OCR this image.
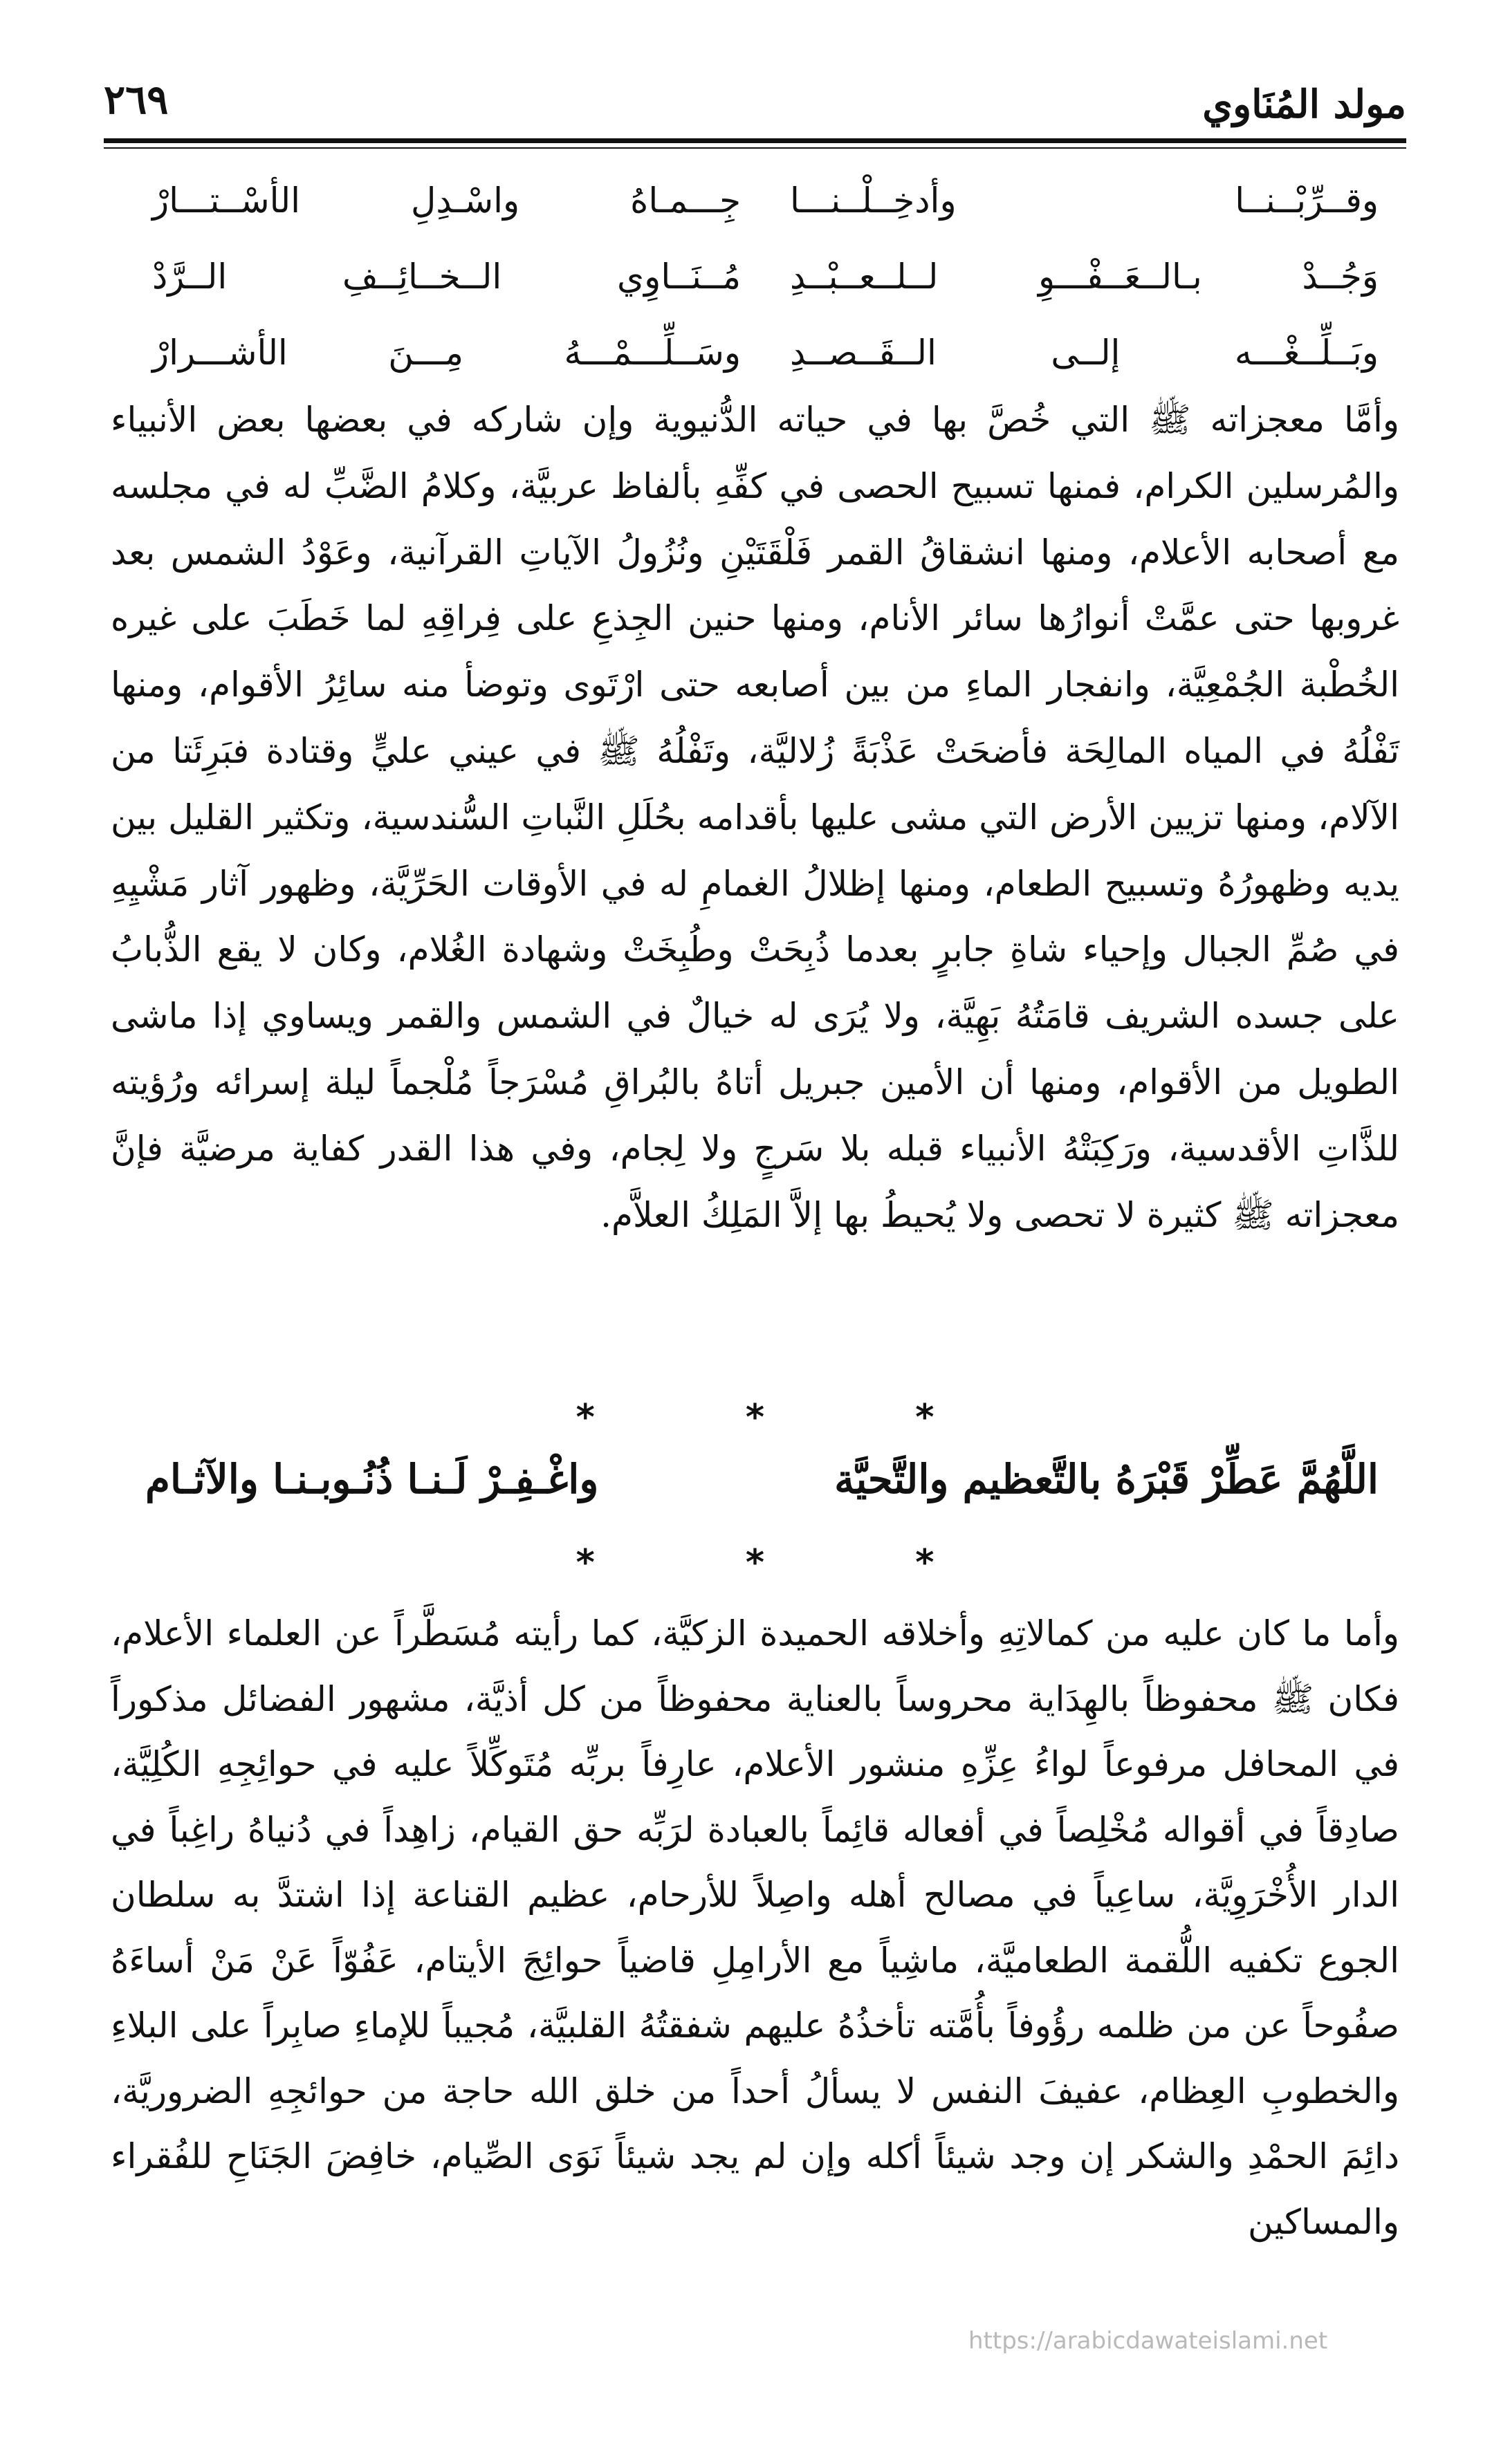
مولد المُنَاوي
٢٦٩
وقــرِّبْــنــا وأدخِــلْــنـــا
جِـــمـاهُ واسْـدِلِ الأسْــتـــارْ
وَجُــدْ بـالــعَــفْـــوِ لــلــعــبْــدِ
مُــنَــاوِي الــخــائِــفِ الــرَّدْ
وبَــلِّــغْـــه إلــى الــقَــصــدِ
وسَــلِّـــمْـــهُ مِـــنَ الأشـــرارْ

وأمَّا معجزاته ﷺ التي خُصَّ بها في حياته الدُّنيوية وإن شاركه في بعضها بعض الأنبياء والمُرسلين الكرام، فمنها تسبيح الحصى في كفِّهِ بألفاظ عربيَّة، وكلامُ الضَّبِّ له في مجلسه مع أصحابه الأعلام، ومنها انشقاقُ القمر فَلْقَتَيْنِ ونُزُولُ الآياتِ القرآنية، وعَوْدُ الشمس بعد غروبها حتى عمَّتْ أنوارُها سائر الأنام، ومنها حنين الجِذعِ على فِراقِهِ لما خَطَبَ على غيره الخُطْبة الجُمْعِيَّة، وانفجار الماءِ من بين أصابعه حتى ارْتَوى وتوضأ منه سائِرُ الأقوام، ومنها تَفْلُهُ في المياه المالِحَة فأضحَتْ عَذْبَةً زُلاليَّة، وتَفْلُهُ ﷺ في عيني عليٍّ وقتادة فبَرِئَتا من الآلام، ومنها تزيين الأرض التي مشى عليها بأقدامه بحُلَلِ النَّباتِ السُّندسية، وتكثير القليل بين يديه وظهورُهُ وتسبيح الطعام، ومنها إظلالُ الغمامِ له في الأوقات الحَرِّيَّة، وظهور آثار مَشْيِهِ في صُمِّ الجبال وإحياء شاةِ جابرٍ بعدما ذُبِحَتْ وطُبِخَتْ وشهادة الغُلام، وكان لا يقع الذُّبابُ على جسده الشريف قامَتُهُ بَهِيَّة، ولا يُرَى له خيالٌ في الشمس والقمر ويساوي إذا ماشى الطويل من الأقوام، ومنها أن الأمين جبريل أتاهُ بالبُراقِ مُسْرَجاً مُلْجماً ليلة إسرائه ورُؤيته للذَّاتِ الأقدسية، ورَكِبَتْهُ الأنبياء قبله بلا سَرجٍ ولا لِجام، وفي هذا القدر كفاية مرضيَّة فإنَّ معجزاته ﷺ كثيرة لا تحصى ولا يُحيطُ بها إلاَّ المَلِكُ العلاَّم.

* * *
اللَّهُمَّ عَطِّرْ قَبْرَهُ بالتَّعظيم والتَّحيَّة
واغْـفِـرْ لَـنـا ذُنُـوبـنـا والآثـام
* * *

وأما ما كان عليه من كمالاتِهِ وأخلاقه الحميدة الزكيَّة، كما رأيته مُسَطَّراً عن العلماء الأعلام، فكان ﷺ محفوظاً بالهِدَاية محروساً بالعناية محفوظاً من كل أذيَّة، مشهور الفضائل مذكوراً في المحافل مرفوعاً لواءُ عِزِّهِ منشور الأعلام، عارِفاً بربِّه مُتَوكِّلاً عليه في حوائِجِهِ الكُلِيَّة، صادِقاً في أقواله مُخْلِصاً في أفعاله قائِماً بالعبادة لرَبِّه حق القيام، زاهِداً في دُنياهُ راغِباً في الدار الأُخْرَوِيَّة، ساعِياً في مصالح أهله واصِلاً للأرحام، عظيم القناعة إذا اشتدَّ به سلطان الجوع تكفيه اللُّقمة الطعاميَّة، ماشِياً مع الأرامِلِ قاضياً حوائِجَ الأيتام، عَفُوّاً عَنْ مَنْ أساءَهُ صفُوحاً عن من ظلمه رؤُوفاً بأُمَّته تأخذُهُ عليهم شفقتُهُ القلبيَّة، مُجيباً للإماءِ صابِراً على البلاءِ والخطوبِ العِظام، عفيفَ النفس لا يسألُ أحداً من خلق الله حاجة من حوائجِهِ الضروريَّة، دائِمَ الحمْدِ والشكر إن وجد شيئاً أكله وإن لم يجد شيئاً نَوَى الصِّيام، خافِضَ الجَنَاحِ للفُقراء والمساكين

https://arabicdawateislami.net
